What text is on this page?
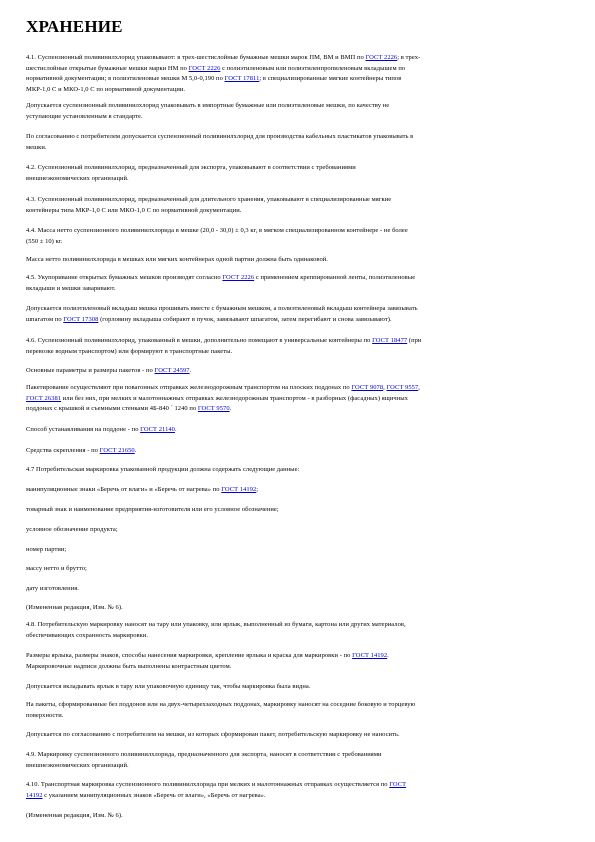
ХРАНЕНИЕ

4.1. Суспензионный поливинилхлорид упаковывают: в трех-шестислойные бумажные мешки марок ПМ, ВМ и ВМП по ГОСТ 2226; в трех-
шестислойные открытые бумажные мешки марки НМ по ГОСТ 2226 с полиэтиленовым или полиэтиленпропиленовым вкладышем по
нормативной документации; в полиэтиленовые мешки М 5,0-0,190 по ГОСТ 17811; в специализированные мягкие контейнеры типов
МКР-1,0 С и МКО-1,0 С по нормативной документации.

Допускается суспензионный поливинилхлорид упаковывать в импортные бумажные или полиэтиленовые мешки, по качеству не
уступающие установленным в стандарте.

По согласованию с потребителем допускается суспензионный поливинилхлорид для производства кабельных пластикатов упаковывать в
мешки.

4.2. Суспензионный поливинилхлорид, предназначенный для экспорта, упаковывают в соответствии с требованиями
внешнеэкономических организаций.

4.3. Суспензионный поливинилхлорид, предназначенный для длительного хранения, упаковывают в специализированные мягкие
контейнеры типа МКР-1,0 С или МКО-1,0 С по нормативной документации.

4.4. Масса нетто суспензионного поливинилхлорида в мешке (20,0 - 30,0) ± 0,3 кг, в мягком специализированном контейнере - не более
(550 ± 10) кг.

Масса нетто поливинилхлорида в мешках или мягких контейнерах одной партии должна быть одинаковой.

4.5. Укупоривание открытых бумажных мешков производят согласно ГОСТ 2226 с применением креппированной ленты, полиэтиленовые
вкладыши и мешки заваривают.

Допускается полиэтиленовый вкладыш мешка прошивать вместе с бумажным мешком, а полиэтиленовый вкладыш контейнера завязывать
шпагатом по ГОСТ 17308 (горловину вкладыша собирают в пучок, завязывают шпагатом, затем перегибают и снова завязывают).

4.6. Суспензионный поливинилхлорид, упакованный в мешки, дополнительно помещают в универсальные контейнеры по ГОСТ 18477 (при
перевозке водным транспортом) или формируют в транспортные пакеты.

Основные параметры и размеры пакетов - по ГОСТ 24597.

Пакетирование осуществляют при повагонных отправках железнодорожным транспортом на плоских поддонах по ГОСТ 9078, ГОСТ 9557,
ГОСТ 26381 или без них, при мелких и малотоннажных отправках железнодорожным транспортом - в разборных (фасадных) ящичных
поддонах с крышкой и съемными стенками 4Б-840 ´ 1240 по ГОСТ 9570.

Способ устанавливания на поддоне - по ГОСТ 21140.

Средства скрепления - по ГОСТ 21650.

4.7 Потребительская маркировка упакованной продукции должна содержать следующие данные:

манипуляционные знаки «Беречь от влаги» и «Беречь от нагрева» по ГОСТ 14192;

товарный знак и наименование предприятия-изготовителя или его условное обозначение;

условное обозначение продукта;

номер партии;

массу нетто и брутто;

дату изготовления.

(Измененная редакция, Изм. № 6).

4.8. Потребительскую маркировку наносят на тару или упаковку, или ярлык, выполненный из бумаги, картона или других материалов,
обеспечивающих сохранность маркировки.

Размеры ярлыка, размеры знаков, способы нанесения маркировки, крепление ярлыка и краска для маркировки - по ГОСТ 14192.
Маркировочные надписи должны быть выполнены контрастным цветом.

Допускается вкладывать ярлык в тару или упаковочную единицу так, чтобы маркировка была видна.

На пакеты, сформированные без поддонов или на двух-четырехзаходных поддонах, маркировку наносят на соседние боковую и торцевую
поверхности.

Допускается по согласованию с потребителем на мешки, из которых сформирован пакет, потребительскую маркировку не наносить.

4.9. Маркировку суспензионного поливинилхлорида, предназначенного для экспорта, наносят в соответствии с требованиями
внешнеэкономических организаций.

4.10. Транспортная маркировка суспензионного поливинилхлорида при мелких и малотоннажных отправках осуществляется по ГОСТ
14192 с указанием манипуляционных знаков «Беречь от влаги», «Беречь от нагрева».

(Измененная редакция, Изм. № 6).
